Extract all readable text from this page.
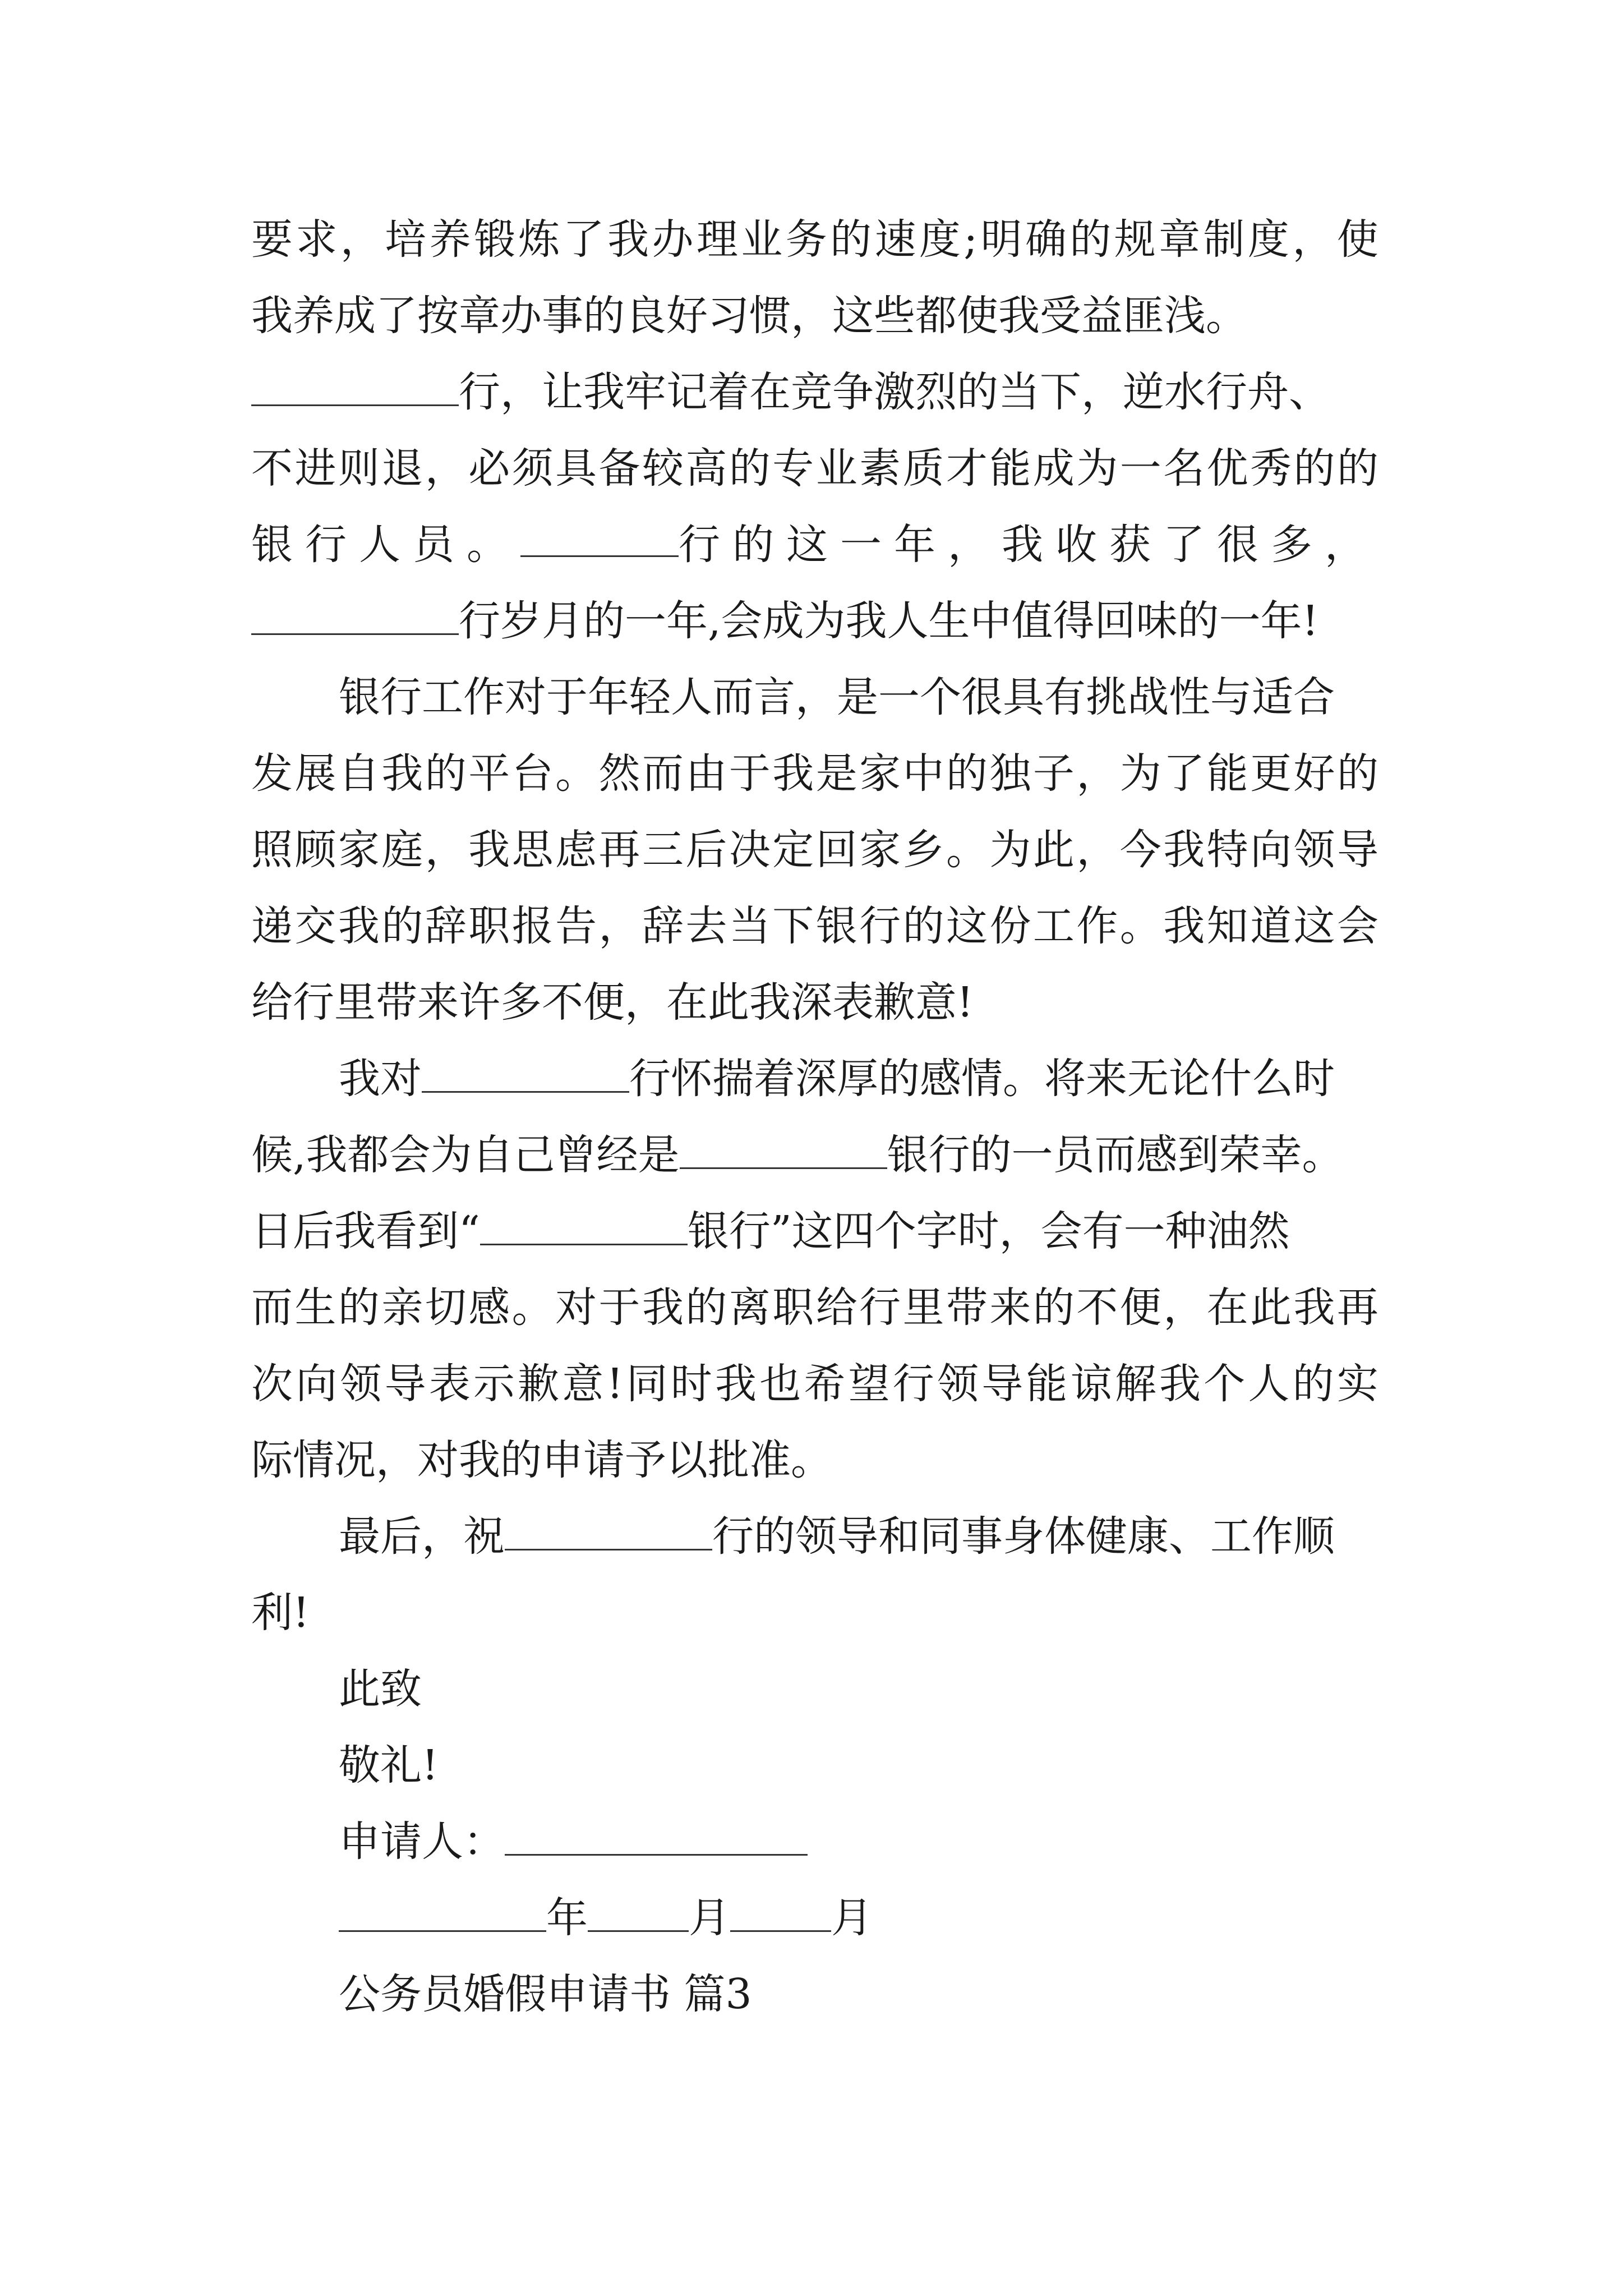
要 求 ， 培 养 锻 炼 了 我 办 理 业 务 的 速 度 ; 明 确 的 规 章 制 度 ， 使
我养成了按章办事的良好习惯，这些都使我受益匪浅。
行，让我牢记着在竞争激烈的当下，逆水行舟、
不 进 则 退 ， 必 须 具 备 较 高 的 专 业 素 质 才 能 成 为 一 名 优 秀 的 的
银行人员。	行的这一年，我收获了很多，
行岁月的一年,会成为我人生中值得回味的一年!
银行工作对于年轻人而言，是一个很具有挑战性与适合
发 展 自 我 的 平 台 。 然 而 由 于 我 是 家 中 的 独 子 ， 为 了 能 更 好 的
照 顾 家 庭 ， 我 思 虑 再 三 后 决 定 回 家 乡 。 为 此 ， 今 我 特 向 领 导
递 交 我 的 辞 职 报 告 ， 辞 去 当 下 银 行 的 这 份 工 作 。 我 知 道 这 会
给行里带来许多不便，在此我深表歉意!
我对	行怀揣着深厚的感情。将来无论什么时
候,我都会为自己曾经是	银行的一员而感到荣幸。
日后我看到“	银行”这四个字时，会有一种油然
而 生 的 亲 切 感 。 对 于 我 的 离 职 给 行 里 带 来 的 不 便 ， 在 此 我 再
次 向 领 导 表 示 歉 意 ! 同 时 我 也 希 望 行 领 导 能 谅 解 我 个 人 的 实
际情况，对我的申请予以批准。
最后，祝	行的领导和同事身体健康、工作顺
利!
此致
敬礼!
申请人：
年 月 月
公务员婚假申请书 篇3
